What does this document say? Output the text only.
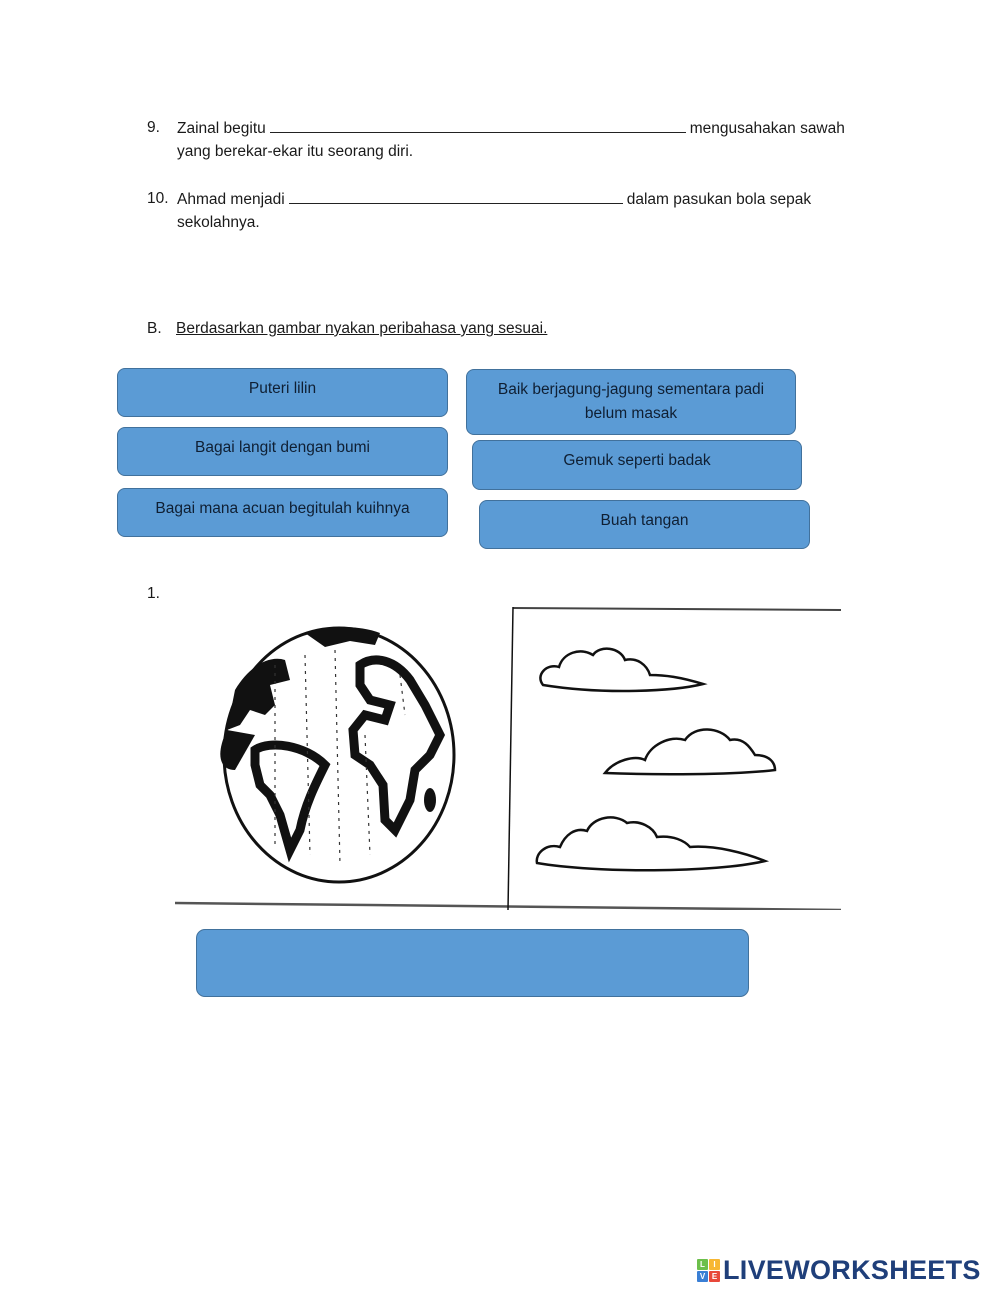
9. Zainal begitu	mengusahakan sawah
yang berekar-ekar itu seorang diri.
10. Ahmad menjadi	dalam pasukan bola sepak
sekolahnya.
B. Berdasarkan gambar nyakan peribahasa yang sesuai.
Puteri lilin
Bagai langit dengan bumi
Bagai mana acuan begitulah kuihnya
Baik berjagung-jagung sementara padi belum masak
Gemuk seperti badak
Buah tangan
1.
L	I
V E LIVEWORKSHEETS
